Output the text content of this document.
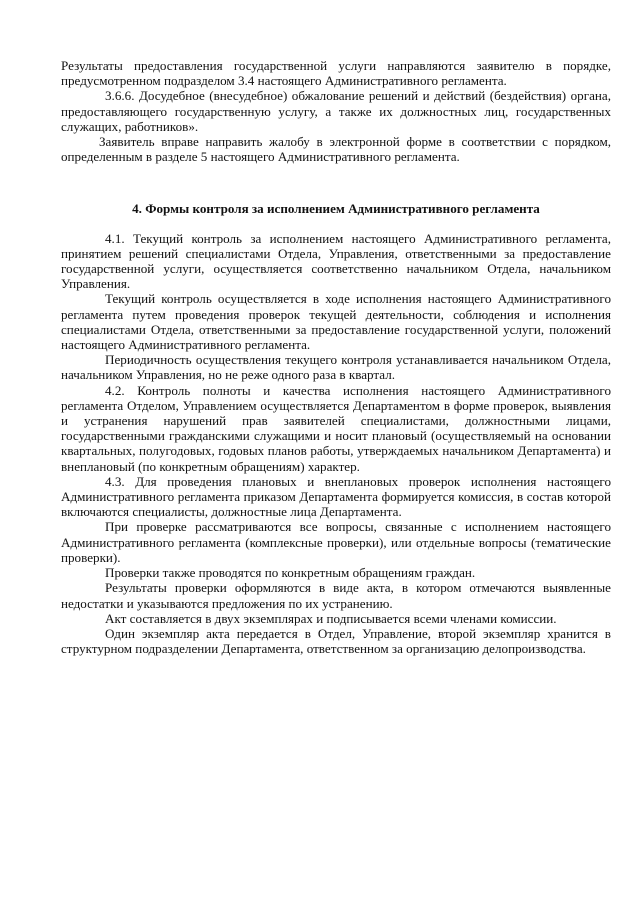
Результаты предоставления государственной услуги направляются заявителю в порядке, предусмотренном подразделом 3.4 настоящего Административного регламента.

3.6.6. Досудебное (внесудебное) обжалование решений и действий (бездействия) органа, предоставляющего государственную услугу, а также их должностных лиц, государственных служащих, работников».

Заявитель вправе направить жалобу в электронной форме в соответствии с порядком, определенным в разделе 5 настоящего Административного регламента.

4. Формы контроля за исполнением Административного регламента

4.1. Текущий контроль за исполнением настоящего Административного регламента, принятием решений специалистами Отдела, Управления, ответственными за предоставление государственной услуги, осуществляется соответственно начальником Отдела, начальником Управления.

Текущий контроль осуществляется в ходе исполнения настоящего Административного регламента путем проведения проверок текущей деятельности, соблюдения и исполнения специалистами Отдела, ответственными за предоставление государственной услуги, положений настоящего Административного регламента.

Периодичность осуществления текущего контроля устанавливается начальником Отдела, начальником Управления, но не реже одного раза в квартал.

4.2. Контроль полноты и качества исполнения настоящего Административного регламента Отделом, Управлением осуществляется Департаментом в форме проверок, выявления и устранения нарушений прав заявителей специалистами, должностными лицами, государственными гражданскими служащими и носит плановый (осуществляемый на основании квартальных, полугодовых, годовых планов работы, утверждаемых начальником Департамента) и внеплановый (по конкретным обращениям) характер.

4.3. Для проведения плановых и внеплановых проверок исполнения настоящего Административного регламента приказом Департамента формируется комиссия, в состав которой включаются специалисты, должностные лица Департамента.

При проверке рассматриваются все вопросы, связанные с исполнением настоящего Административного регламента (комплексные проверки), или отдельные вопросы (тематические проверки).

Проверки также проводятся по конкретным обращениям граждан.

Результаты проверки оформляются в виде акта, в котором отмечаются выявленные недостатки и указываются предложения по их устранению.

Акт составляется в двух экземплярах и подписывается всеми членами комиссии.

Один экземпляр акта передается в Отдел, Управление, второй экземпляр хранится в структурном подразделении Департамента, ответственном за организацию делопроизводства.
